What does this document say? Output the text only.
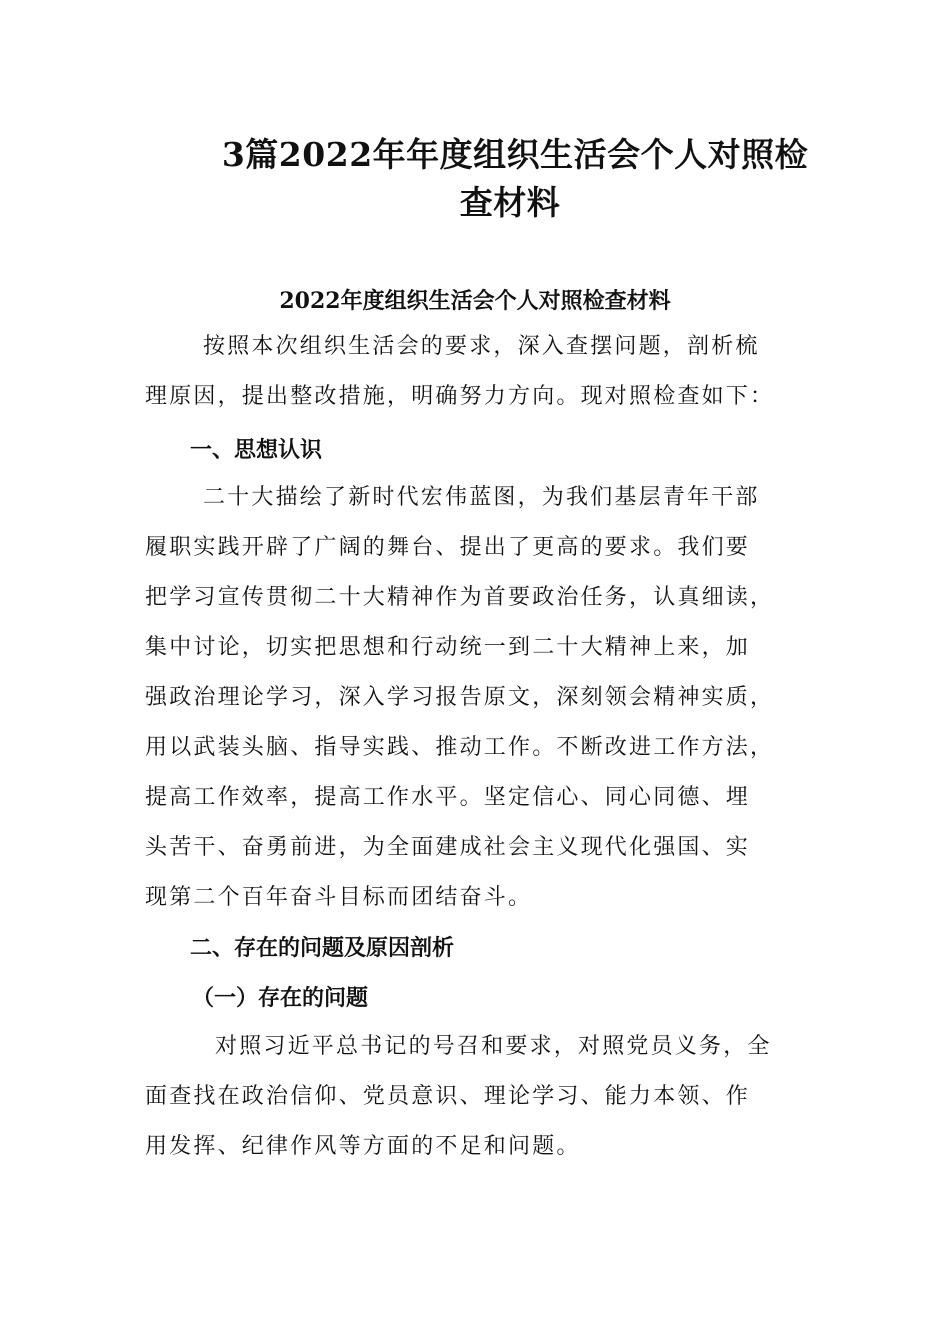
3篇2022年年度组织生活会个人对照检
查材料
2022年度组织生活会个人对照检查材料

按照本次组织生活会的要求，深入查摆问题，剖析梳
理原因，提出整改措施，明确努力方向。现对照检查如下：

一、思想认识

二十大描绘了新时代宏伟蓝图，为我们基层青年干部
履职实践开辟了广阔的舞台、提出了更高的要求。我们要
把学习宣传贯彻二十大精神作为首要政治任务，认真细读，
集中讨论，切实把思想和行动统一到二十大精神上来，加
强政治理论学习，深入学习报告原文，深刻领会精神实质，
用以武装头脑、指导实践、推动工作。不断改进工作方法，
提高工作效率，提高工作水平。坚定信心、同心同德、埋
头苦干、奋勇前进，为全面建成社会主义现代化强国、实
现第二个百年奋斗目标而团结奋斗。

二、存在的问题及原因剖析
（一）存在的问题

对照习近平总书记的号召和要求，对照党员义务，全
面查找在政治信仰、党员意识、理论学习、能力本领、作
用发挥、纪律作风等方面的不足和问题。
